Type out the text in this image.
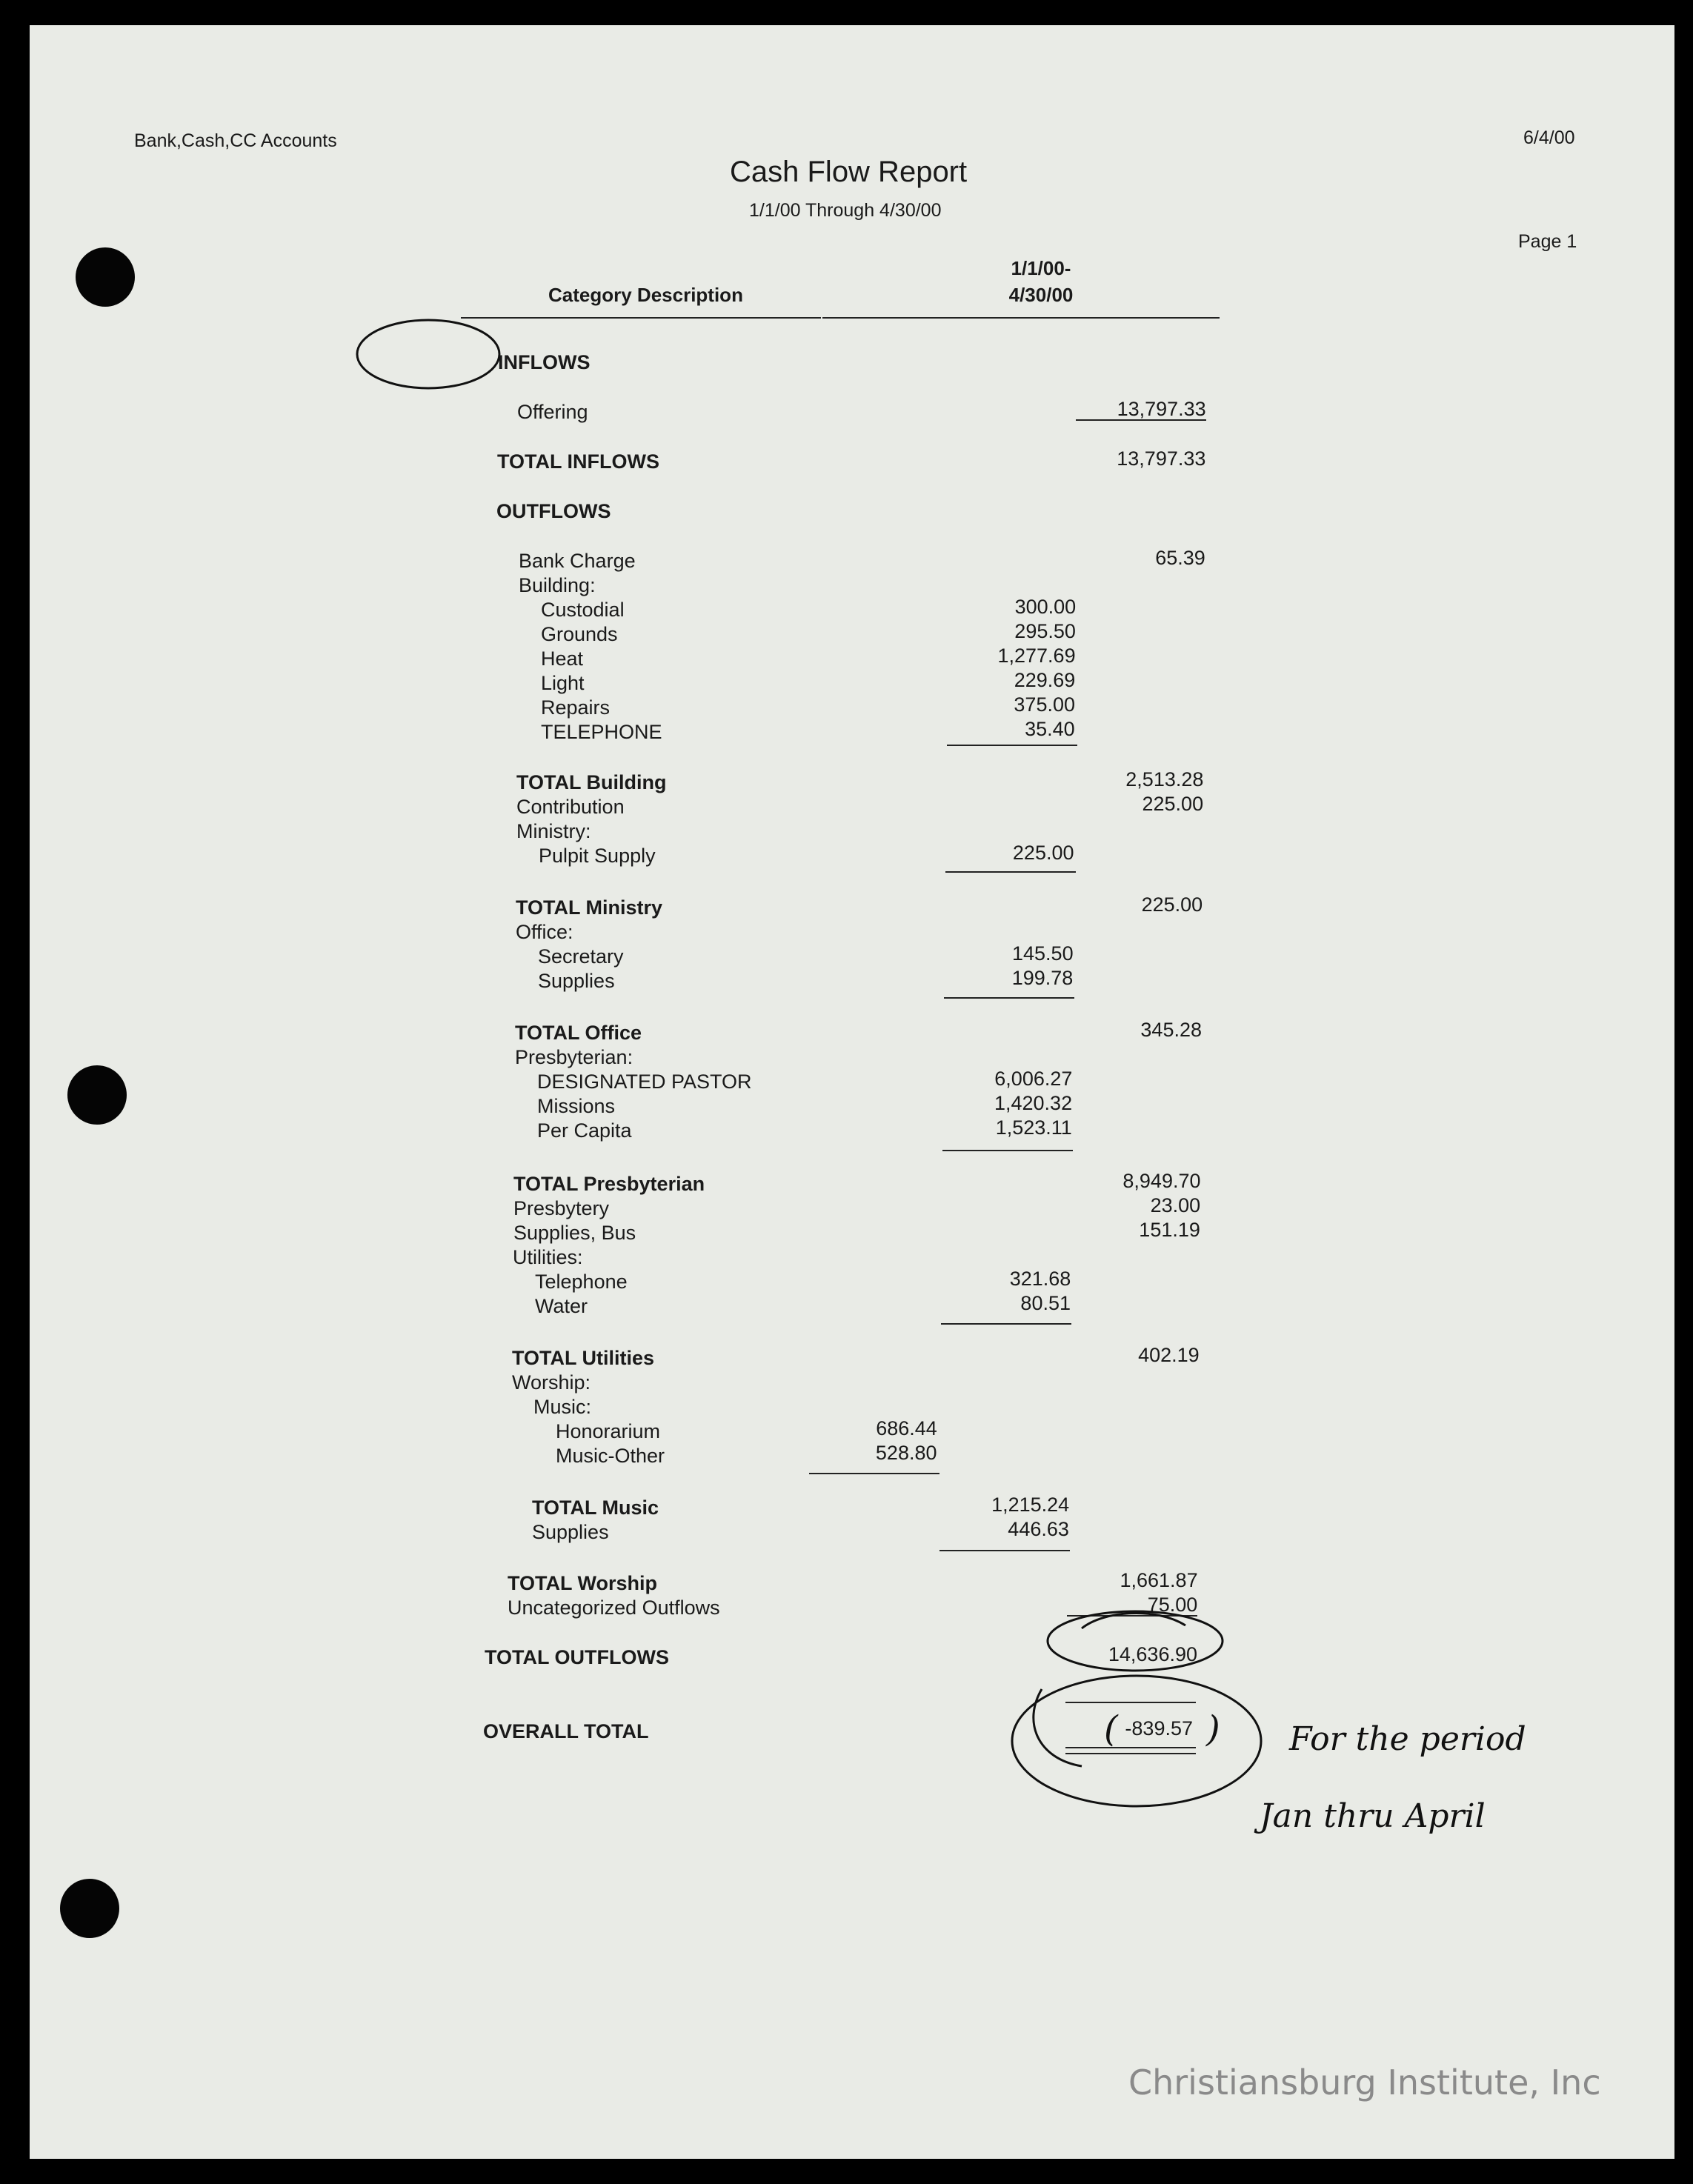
Bank,Cash,CC Accounts	6/4/00
Page 1
Cash Flow Report
1/1/00 Through 4/30/00
Category Description
1/1/00-
4/30/00
INFLOWS
Offering	13,797.33
TOTAL INFLOWS	13,797.33
OUTFLOWS
Bank Charge	65.39
Building:
Custodial	300.00
Grounds	295.50
Heat	1,277.69
Light	229.69
Repairs	375.00
TELEPHONE	35.40
TOTAL Building	2,513.28
Contribution	225.00
Ministry:
Pulpit Supply	225.00
TOTAL Ministry	225.00
Office:
Secretary	145.50
Supplies	199.78
TOTAL Office	345.28
Presbyterian:
DESIGNATED PASTOR	6,006.27
Missions	1,420.32
Per Capita	1,523.11
TOTAL Presbyterian	8,949.70
Presbytery	23.00
Supplies, Bus	151.19
Utilities:
Telephone	321.68
Water	80.51
TOTAL Utilities	402.19
Worship:
Music:
Honorarium	686.44
Music-Other	528.80
TOTAL Music	1,215.24
Supplies	446.63
TOTAL Worship	1,661.87
Uncategorized Outflows	75.00
TOTAL OUTFLOWS	14,636.90
OVERALL TOTAL	-839.57
( ) For the period
Jan thru April
Christiansburg Institute, Inc
